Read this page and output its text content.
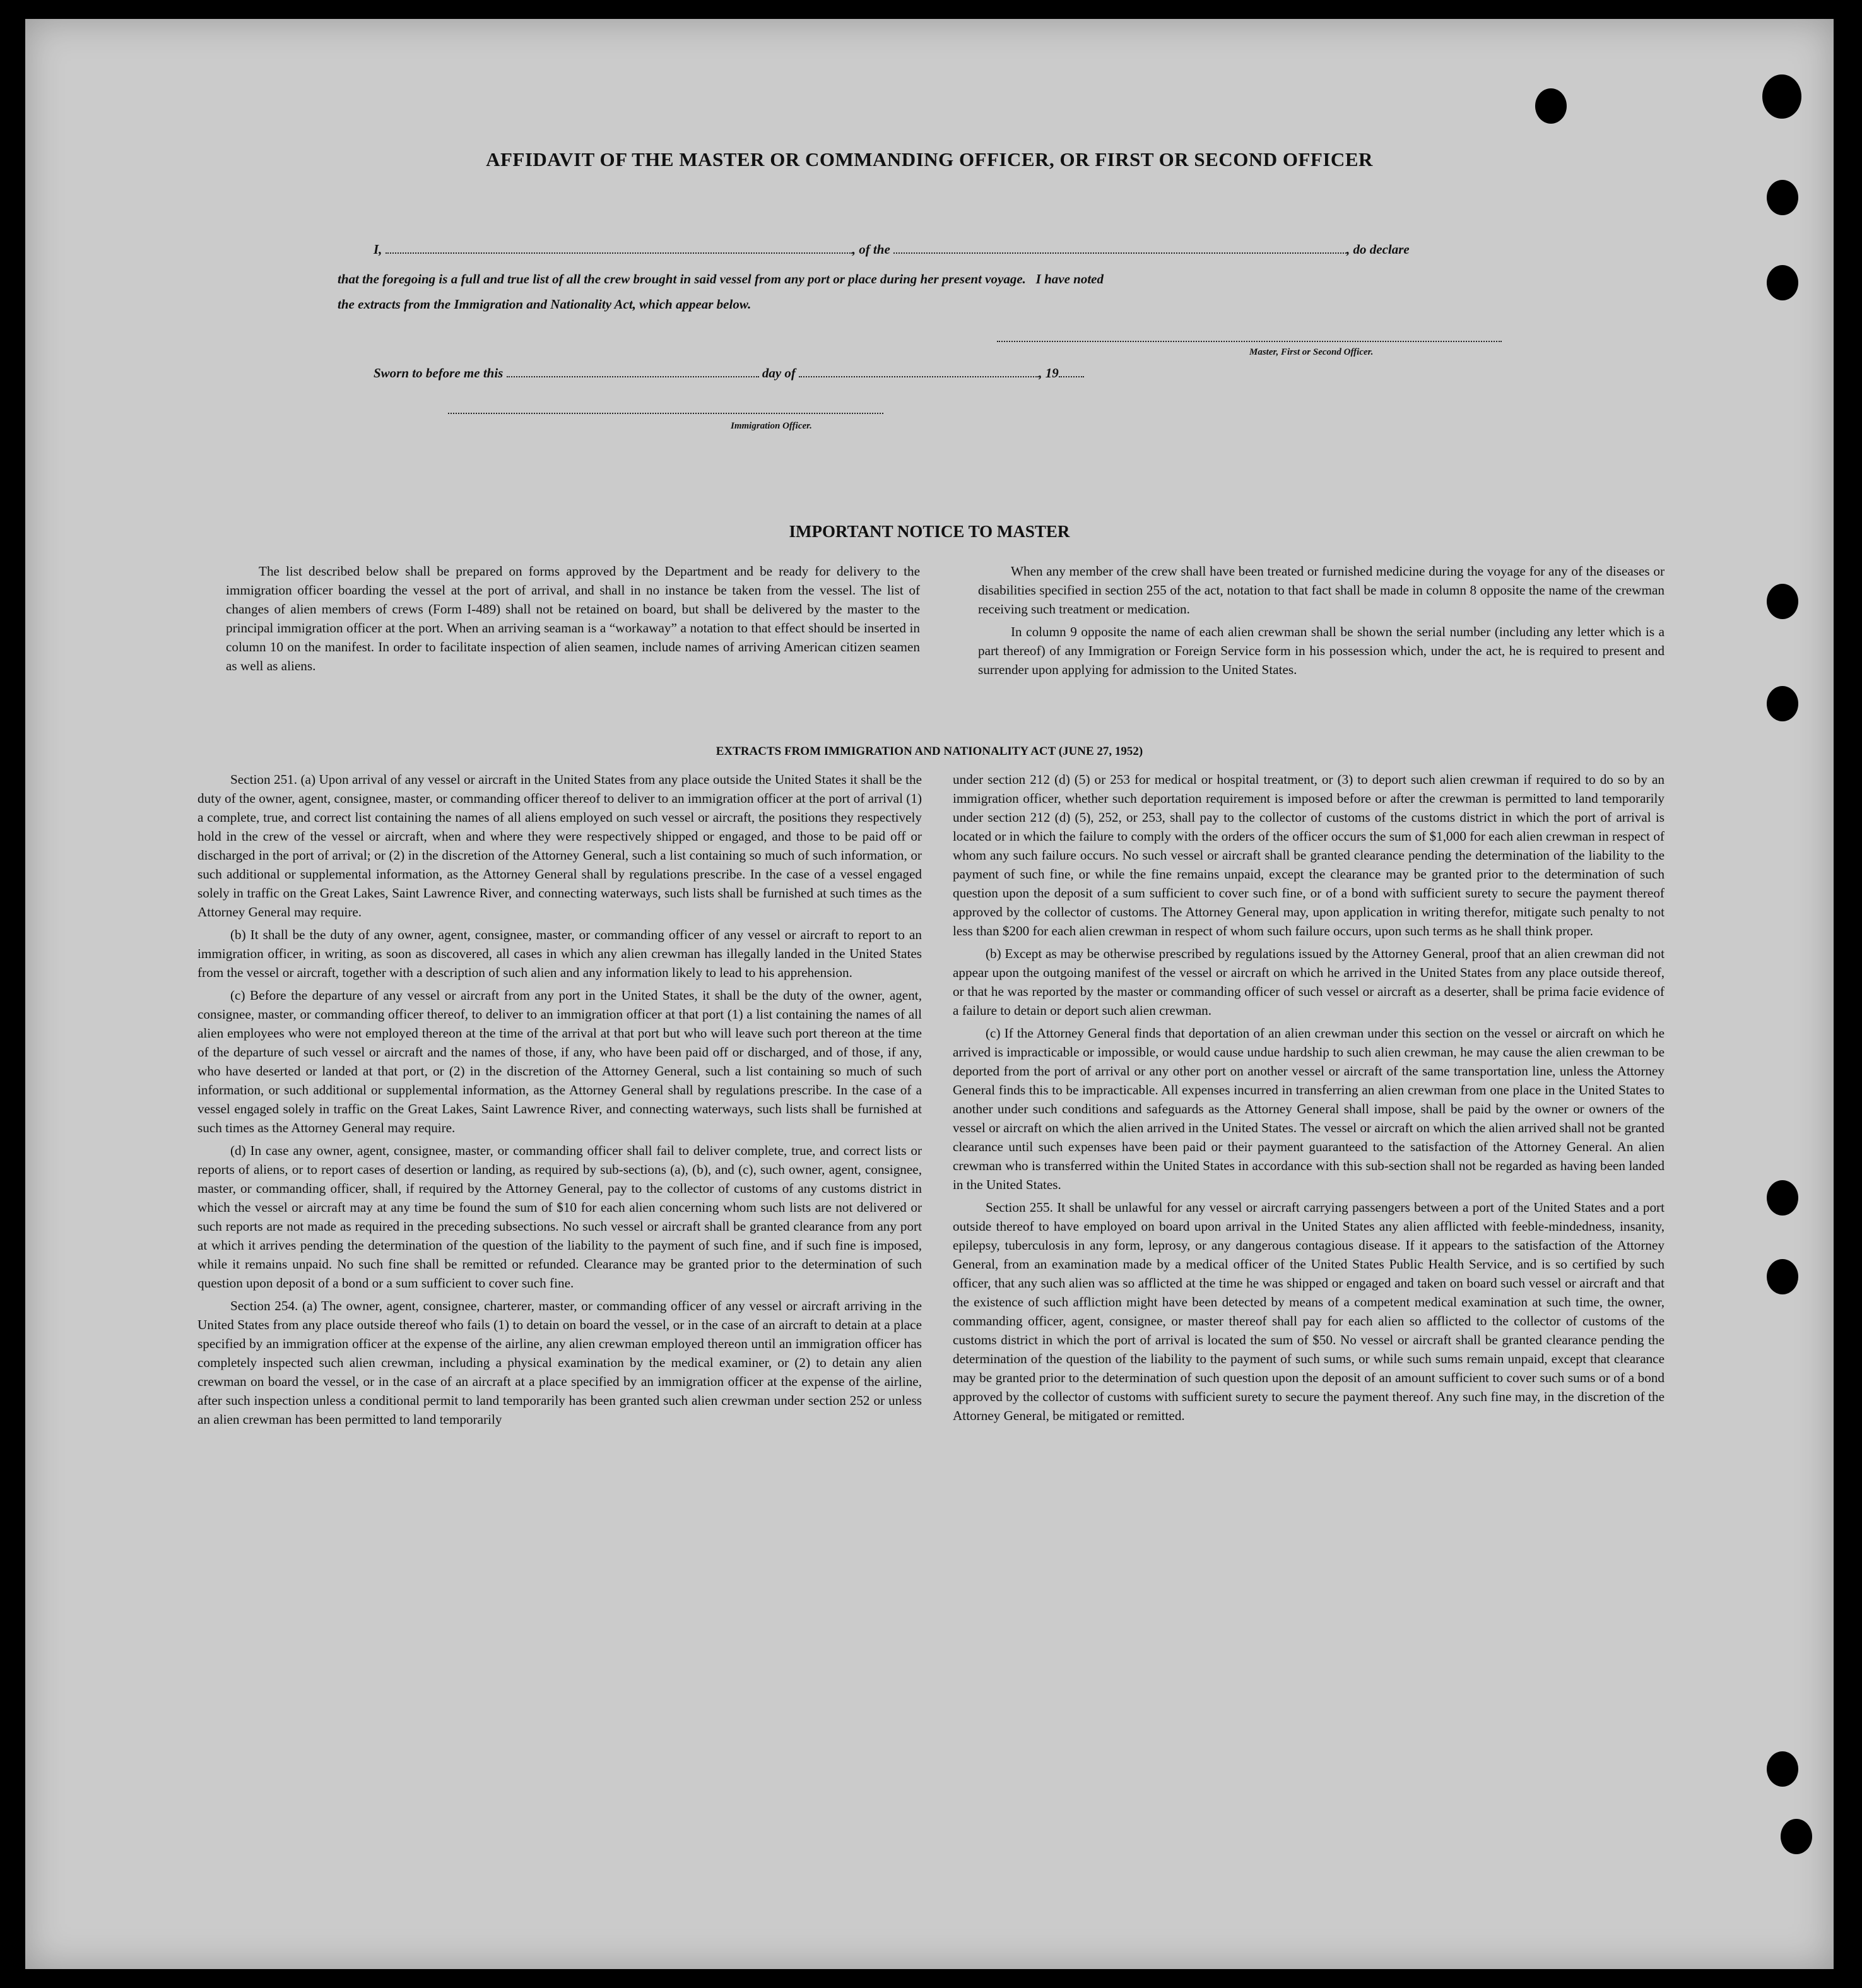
AFFIDAVIT OF THE MASTER OR COMMANDING OFFICER, OR FIRST OR SECOND OFFICER
I,	, of the	, do declare
that the foregoing is a full and true list of all the crew brought in said vessel from any port or place during her present voyage.   I have noted
the extracts from the Immigration and Nationality Act, which appear below.
Master, First or Second Officer.
Sworn to before me this	day of	, 19
Immigration Officer.
IMPORTANT NOTICE TO MASTER

The list described below shall be prepared on forms approved by the Department and be ready for delivery to the immigration officer boarding the vessel at the port of arrival, and shall in no instance be taken from the vessel. The list of changes of alien members of crews (Form I-489) shall not be retained on board, but shall be delivered by the master to the principal immigration officer at the port. When an arriving seaman is a “workaway” a notation to that effect should be inserted in column 10 on the manifest. In order to facilitate inspection of alien seamen, include names of arriving American citizen seamen as well as aliens.

When any member of the crew shall have been treated or furnished medicine during the voyage for any of the diseases or disabilities specified in section 255 of the act, notation to that fact shall be made in column 8 opposite the name of the crewman receiving such treatment or medication.

In column 9 opposite the name of each alien crewman shall be shown the serial number (including any letter which is a part thereof) of any Immigration or Foreign Service form in his possession which, under the act, he is required to present and surrender upon applying for admission to the United States.

EXTRACTS FROM IMMIGRATION AND NATIONALITY ACT (JUNE 27, 1952)

Section 251. (a) Upon arrival of any vessel or aircraft in the United States from any place outside the United States it shall be the duty of the owner, agent, consignee, master, or commanding officer thereof to deliver to an immigration officer at the port of arrival (1) a complete, true, and correct list containing the names of all aliens employed on such vessel or aircraft, the positions they respectively hold in the crew of the vessel or aircraft, when and where they were respectively shipped or engaged, and those to be paid off or discharged in the port of arrival; or (2) in the discretion of the Attorney General, such a list containing so much of such information, or such additional or supplemental information, as the Attorney General shall by regulations prescribe. In the case of a vessel engaged solely in traffic on the Great Lakes, Saint Lawrence River, and connecting waterways, such lists shall be furnished at such times as the Attorney General may require.

(b) It shall be the duty of any owner, agent, consignee, master, or commanding officer of any vessel or aircraft to report to an immigration officer, in writing, as soon as discovered, all cases in which any alien crewman has illegally landed in the United States from the vessel or aircraft, together with a description of such alien and any information likely to lead to his apprehension.

(c) Before the departure of any vessel or aircraft from any port in the United States, it shall be the duty of the owner, agent, consignee, master, or commanding officer thereof, to deliver to an immigration officer at that port (1) a list containing the names of all alien employees who were not employed thereon at the time of the arrival at that port but who will leave such port thereon at the time of the departure of such vessel or aircraft and the names of those, if any, who have been paid off or discharged, and of those, if any, who have deserted or landed at that port, or (2) in the discretion of the Attorney General, such a list containing so much of such information, or such additional or supplemental information, as the Attorney General shall by regulations prescribe. In the case of a vessel engaged solely in traffic on the Great Lakes, Saint Lawrence River, and connecting waterways, such lists shall be furnished at such times as the Attorney General may require.

(d) In case any owner, agent, consignee, master, or commanding officer shall fail to deliver complete, true, and correct lists or reports of aliens, or to report cases of desertion or landing, as required by sub-sections (a), (b), and (c), such owner, agent, consignee, master, or commanding officer, shall, if required by the Attorney General, pay to the collector of customs of any customs district in which the vessel or aircraft may at any time be found the sum of $10 for each alien concerning whom such lists are not delivered or such reports are not made as required in the preceding subsections. No such vessel or aircraft shall be granted clearance from any port at which it arrives pending the determination of the question of the liability to the payment of such fine, and if such fine is imposed, while it remains unpaid. No such fine shall be remitted or refunded. Clearance may be granted prior to the determination of such question upon deposit of a bond or a sum sufficient to cover such fine.

Section 254. (a) The owner, agent, consignee, charterer, master, or commanding officer of any vessel or aircraft arriving in the United States from any place outside thereof who fails (1) to detain on board the vessel, or in the case of an aircraft to detain at a place specified by an immigration officer at the expense of the airline, any alien crewman employed thereon until an immigration officer has completely inspected such alien crewman, including a physical examination by the medical examiner, or (2) to detain any alien crewman on board the vessel, or in the case of an aircraft at a place specified by an immigration officer at the expense of the airline, after such inspection unless a conditional permit to land temporarily has been granted such alien crewman under section 252 or unless an alien crewman has been permitted to land temporarily

under section 212 (d) (5) or 253 for medical or hospital treatment, or (3) to deport such alien crewman if required to do so by an immigration officer, whether such deportation requirement is imposed before or after the crewman is permitted to land temporarily under section 212 (d) (5), 252, or 253, shall pay to the collector of customs of the customs district in which the port of arrival is located or in which the failure to comply with the orders of the officer occurs the sum of $1,000 for each alien crewman in respect of whom any such failure occurs. No such vessel or aircraft shall be granted clearance pending the determination of the liability to the payment of such fine, or while the fine remains unpaid, except the clearance may be granted prior to the determination of such question upon the deposit of a sum sufficient to cover such fine, or of a bond with sufficient surety to secure the payment thereof approved by the collector of customs. The Attorney General may, upon application in writing therefor, mitigate such penalty to not less than $200 for each alien crewman in respect of whom such failure occurs, upon such terms as he shall think proper.

(b) Except as may be otherwise prescribed by regulations issued by the Attorney General, proof that an alien crewman did not appear upon the outgoing manifest of the vessel or aircraft on which he arrived in the United States from any place outside thereof, or that he was reported by the master or commanding officer of such vessel or aircraft as a deserter, shall be prima facie evidence of a failure to detain or deport such alien crewman.

(c) If the Attorney General finds that deportation of an alien crewman under this section on the vessel or aircraft on which he arrived is impracticable or impossible, or would cause undue hardship to such alien crewman, he may cause the alien crewman to be deported from the port of arrival or any other port on another vessel or aircraft of the same transportation line, unless the Attorney General finds this to be impracticable. All expenses incurred in transferring an alien crewman from one place in the United States to another under such conditions and safeguards as the Attorney General shall impose, shall be paid by the owner or owners of the vessel or aircraft on which the alien arrived in the United States. The vessel or aircraft on which the alien arrived shall not be granted clearance until such expenses have been paid or their payment guaranteed to the satisfaction of the Attorney General. An alien crewman who is transferred within the United States in accordance with this sub-section shall not be regarded as having been landed in the United States.

Section 255. It shall be unlawful for any vessel or aircraft carrying passengers between a port of the United States and a port outside thereof to have employed on board upon arrival in the United States any alien afflicted with feeble-mindedness, insanity, epilepsy, tuberculosis in any form, leprosy, or any dangerous contagious disease. If it appears to the satisfaction of the Attorney General, from an examination made by a medical officer of the United States Public Health Service, and is so certified by such officer, that any such alien was so afflicted at the time he was shipped or engaged and taken on board such vessel or aircraft and that the existence of such affliction might have been detected by means of a competent medical examination at such time, the owner, commanding officer, agent, consignee, or master thereof shall pay for each alien so afflicted to the collector of customs of the customs district in which the port of arrival is located the sum of $50. No vessel or aircraft shall be granted clearance pending the determination of the question of the liability to the payment of such sums, or while such sums remain unpaid, except that clearance may be granted prior to the determination of such question upon the deposit of an amount sufficient to cover such sums or of a bond approved by the collector of customs with sufficient surety to secure the payment thereof. Any such fine may, in the discretion of the Attorney General, be mitigated or remitted.
